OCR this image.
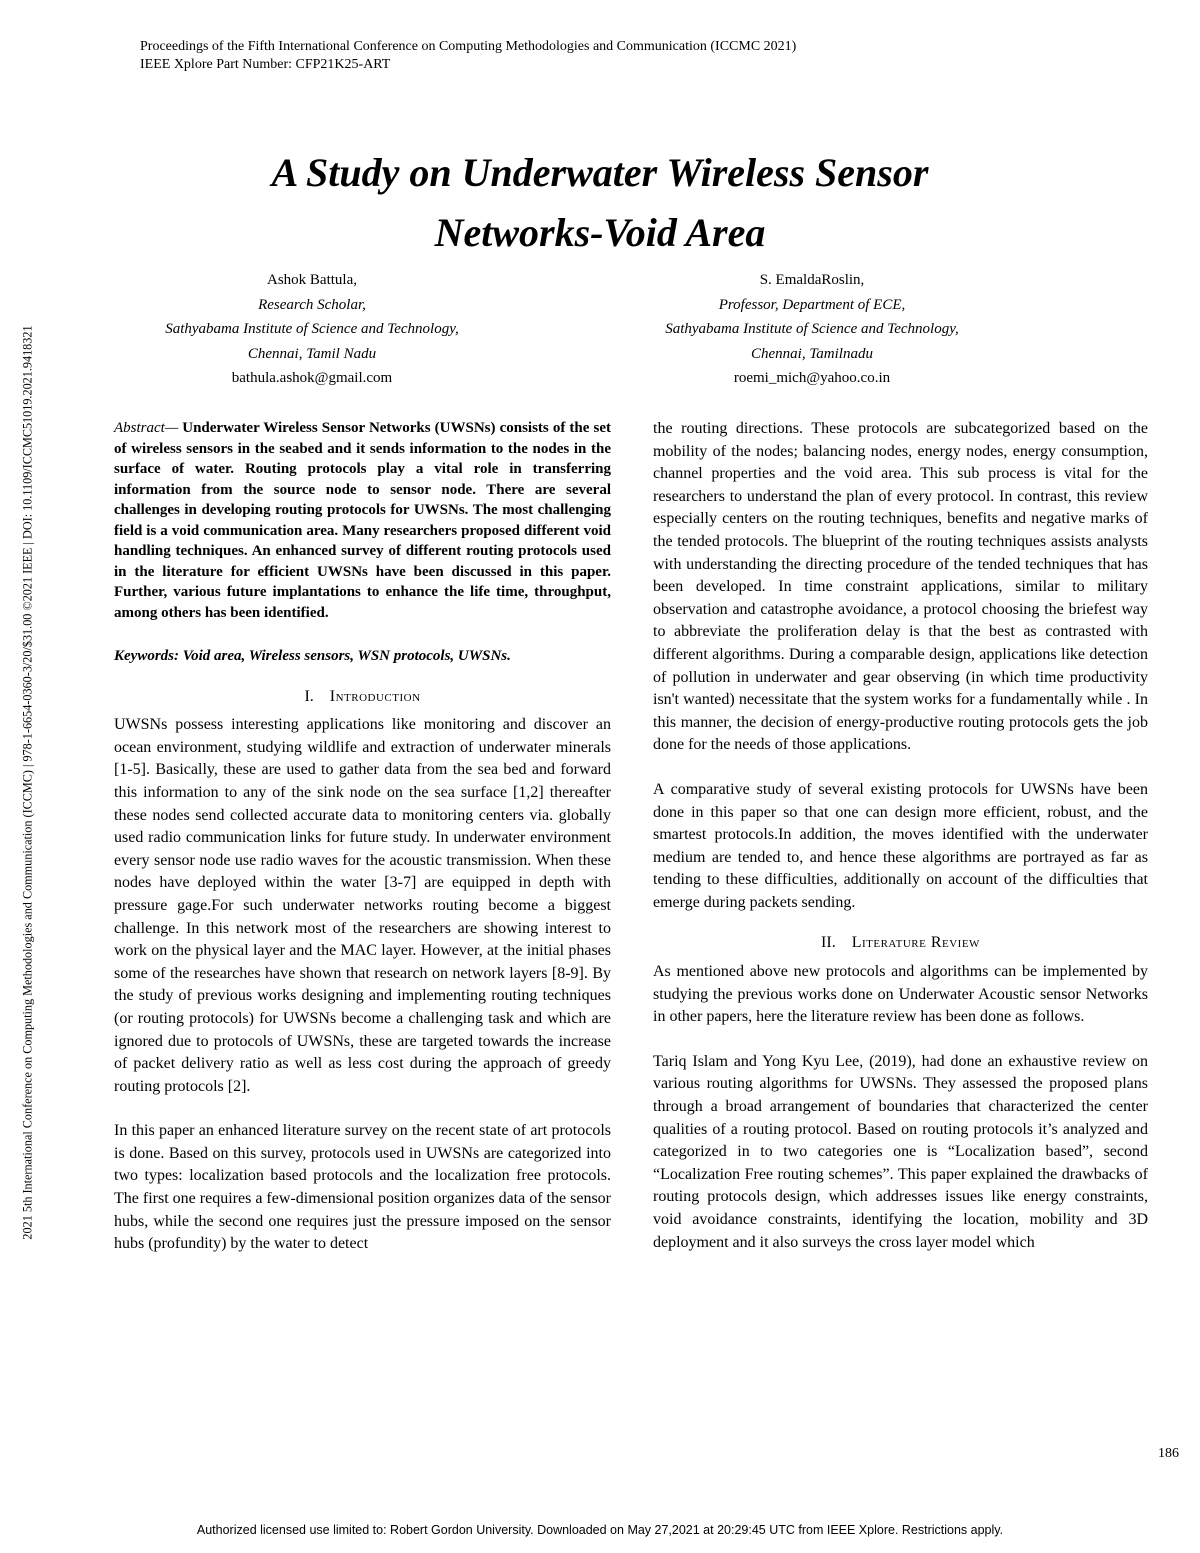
Proceedings of the Fifth International Conference on Computing Methodologies and Communication (ICCMC 2021)
IEEE Xplore Part Number: CFP21K25-ART
2021 5th International Conference on Computing Methodologies and Communication (ICCMC) | 978-1-6654-0360-3/20/$31.00 ©2021 IEEE | DOI: 10.1109/ICCMC51019.2021.9418321
A Study on Underwater Wireless Sensor
Networks-Void Area
Ashok Battula,
Research Scholar,
Sathyabama Institute of Science and Technology,
Chennai, Tamil Nadu
bathula.ashok@gmail.com
S. EmaldaRoslin,
Professor, Department of ECE,
Sathyabama Institute of Science and Technology,
Chennai, Tamilnadu
roemi_mich@yahoo.co.in

Abstract— Underwater Wireless Sensor Networks (UWSNs) consists of the set of wireless sensors in the seabed and it sends information to the nodes in the surface of water. Routing protocols play a vital role in transferring information from the source node to sensor node. There are several challenges in developing routing protocols for UWSNs. The most challenging field is a void communication area. Many researchers proposed different void handling techniques. An enhanced survey of different routing protocols used in the literature for efficient UWSNs have been discussed in this paper. Further, various future implantations to enhance the life time, throughput, among others has been identified.

Keywords: Void area, Wireless sensors, WSN protocols, UWSNs.

I. Introduction

UWSNs possess interesting applications like monitoring and discover an ocean environment, studying wildlife and extraction of underwater minerals [1-5]. Basically, these are used to gather data from the sea bed and forward this information to any of the sink node on the sea surface [1,2] thereafter these nodes send collected accurate data to monitoring centers via. globally used radio communication links for future study. In underwater environment every sensor node use radio waves for the acoustic transmission. When these nodes have deployed within the water [3-7] are equipped in depth with pressure gage.For such underwater networks routing become a biggest challenge. In this network most of the researchers are showing interest to work on the physical layer and the MAC layer. However, at the initial phases some of the researches have shown that research on network layers [8-9]. By the study of previous works designing and implementing routing techniques (or routing protocols) for UWSNs become a challenging task and which are ignored due to protocols of UWSNs, these are targeted towards the increase of packet delivery ratio as well as less cost during the approach of greedy routing protocols [2].

In this paper an enhanced literature survey on the recent state of art protocols is done. Based on this survey, protocols used in UWSNs are categorized into two types: localization based protocols and the localization free protocols. The first one requires a few-dimensional position organizes data of the sensor hubs, while the second one requires just the pressure imposed on the sensor hubs (profundity) by the water to detect

the routing directions. These protocols are subcategorized based on the mobility of the nodes; balancing nodes, energy nodes, energy consumption, channel properties and the void area. This sub process is vital for the researchers to understand the plan of every protocol. In contrast, this review especially centers on the routing techniques, benefits and negative marks of the tended protocols. The blueprint of the routing techniques assists analysts with understanding the directing procedure of the tended techniques that has been developed. In time constraint applications, similar to military observation and catastrophe avoidance, a protocol choosing the briefest way to abbreviate the proliferation delay is that the best as contrasted with different algorithms. During a comparable design, applications like detection of pollution in underwater and gear observing (in which time productivity isn't wanted) necessitate that the system works for a fundamentally while . In this manner, the decision of energy-productive routing protocols gets the job done for the needs of those applications.

A comparative study of several existing protocols for UWSNs have been done in this paper so that one can design more efficient, robust, and the smartest protocols.In addition, the moves identified with the underwater medium are tended to, and hence these algorithms are portrayed as far as tending to these difficulties, additionally on account of the difficulties that emerge during packets sending.

II. Literature Review

As mentioned above new protocols and algorithms can be implemented by studying the previous works done on Underwater Acoustic sensor Networks in other papers, here the literature review has been done as follows.

Tariq Islam and Yong Kyu Lee, (2019), had done an exhaustive review on various routing algorithms for UWSNs. They assessed the proposed plans through a broad arrangement of boundaries that characterized the center qualities of a routing protocol. Based on routing protocols it’s analyzed and categorized in to two categories one is “Localization based”, second “Localization Free routing schemes”. This paper explained the drawbacks of routing protocols design, which addresses issues like energy constraints, void avoidance constraints, identifying the location, mobility and 3D deployment and it also surveys the cross layer model which

186
Authorized licensed use limited to: Robert Gordon University. Downloaded on May 27,2021 at 20:29:45 UTC from IEEE Xplore. Restrictions apply.
